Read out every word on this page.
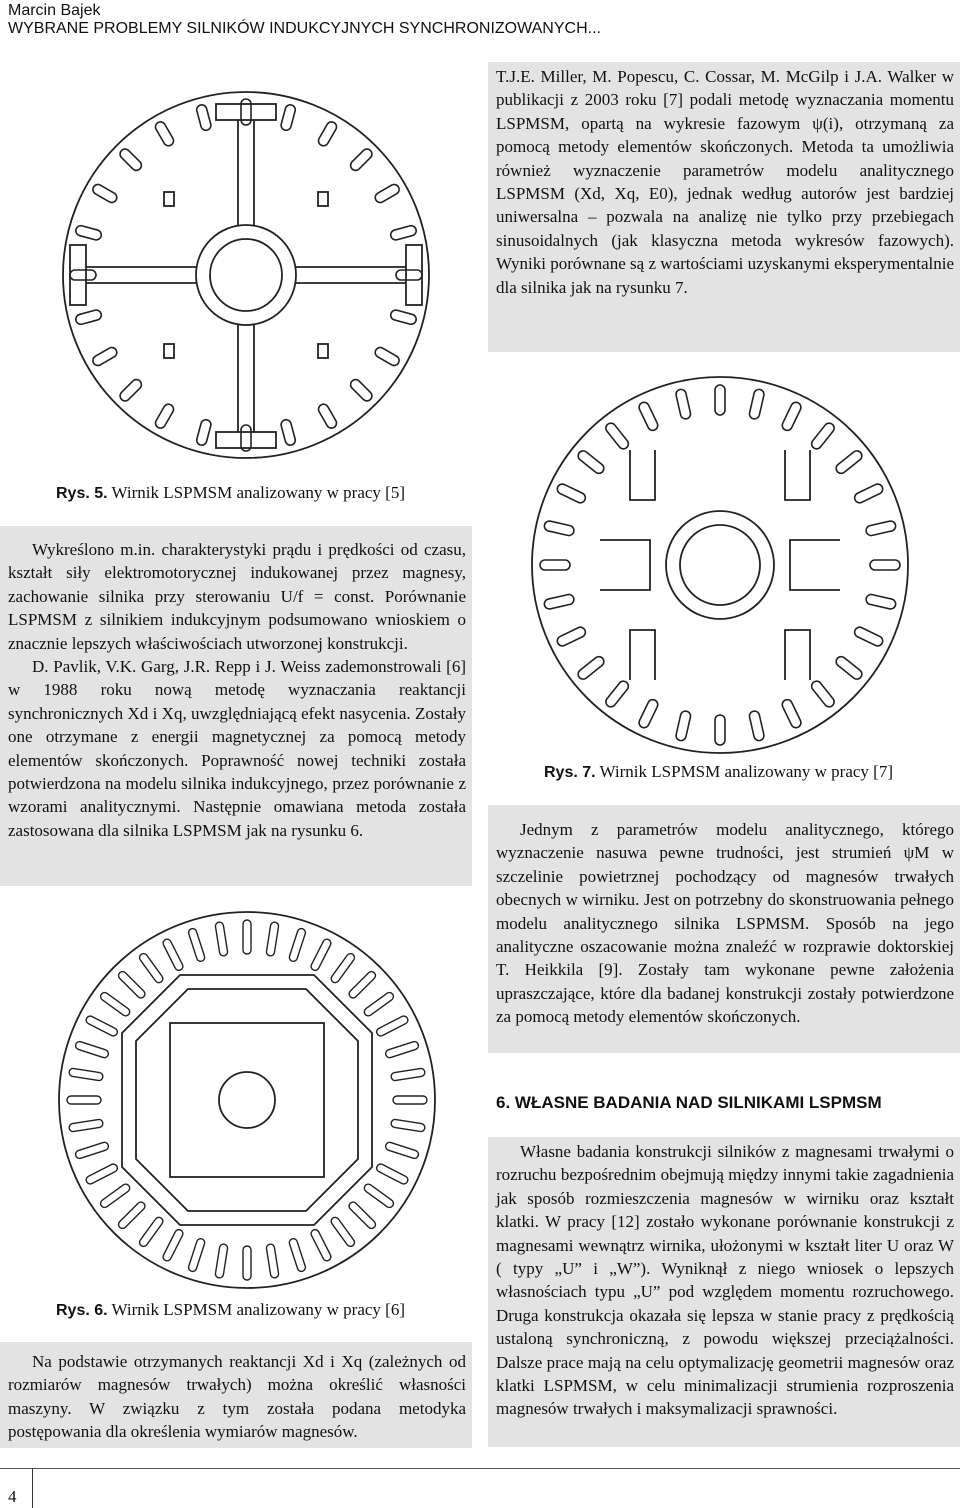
Marcin Bajek
WYBRANE PROBLEMY SILNIKÓW INDUKCYJNYCH SYNCHRONIZOWANYCH...
Rys. 5. Wirnik LSPMSM analizowany w pracy [5]

T.J.E. Miller, M. Popescu, C. Cossar, M. McGilp i J.A. Walker w publikacji z 2003 roku [7] podali metodę wyznaczania momentu LSPMSM, opartą na wykresie fazowym ψ(i), otrzymaną za pomocą metody elementów skończonych. Metoda ta umożliwia również wyznaczenie parametrów modelu analitycznego LSPMSM (Xd, Xq, E0), jednak według autorów jest bardziej uniwersalna – pozwala na analizę nie tylko przy przebiegach sinusoidalnych (jak klasyczna metoda wykresów fazowych). Wyniki porównane są z wartościami uzyskanymi eksperymentalnie dla silnika jak na rysunku 7.

Rys. 7. Wirnik LSPMSM analizowany w pracy [7]

Wykreślono m.in. charakterystyki prądu i prędkości od czasu, kształt siły elektromotorycznej indukowanej przez magnesy, zachowanie silnika przy sterowaniu U/f = const. Porównanie LSPMSM z silnikiem indukcyjnym podsumowano wnioskiem o znacznie lepszych właściwościach utworzonej konstrukcji.

D. Pavlik, V.K. Garg, J.R. Repp i J. Weiss zademonstrowali [6] w 1988 roku nową metodę wyznaczania reaktancji synchronicznych Xd i Xq, uwzględniającą efekt nasycenia. Zostały one otrzymane z energii magnetycznej za pomocą metody elementów skończonych. Poprawność nowej techniki została potwierdzona na modelu silnika indukcyjnego, przez porównanie z wzorami analitycznymi. Następnie omawiana metoda została zastosowana dla silnika LSPMSM jak na rysunku 6.	Jednym z parametrów modelu analitycznego, którego wyznaczenie nasuwa pewne trudności, jest strumień ψM w szczelinie powietrznej pochodzący od magnesów trwałych obecnych w wirniku. Jest on potrzebny do skonstruowania pełnego modelu analitycznego silnika LSPMSM. Sposób na jego analityczne oszacowanie można znaleźć w rozprawie doktorskiej T. Heikkila [9]. Zostały tam wykonane pewne założenia upraszczające, które dla badanej konstrukcji zostały potwierdzone za pomocą metody elementów skończonych.

Rys. 6. Wirnik LSPMSM analizowany w pracy [6]
6. WŁASNE BADANIA NAD SILNIKAMI LSPMSM

Własne badania konstrukcji silników z magnesami trwałymi o rozruchu bezpośrednim obejmują między innymi takie zagadnienia jak sposób rozmieszczenia magnesów w wirniku oraz kształt klatki. W pracy [12] zostało wykonane porównanie konstrukcji z magnesami wewnątrz wirnika, ułożonymi w kształt liter U oraz W ( typy „U” i „W”). Wyniknął z niego wniosek o lepszych własnościach typu „U” pod względem momentu rozruchowego. Druga konstrukcja okazała się lepsza w stanie pracy z prędkością ustaloną synchroniczną, z powodu większej przeciążalności. Dalsze prace mają na celu optymalizację geometrii magnesów oraz klatki LSPMSM, w celu minimalizacji strumienia rozproszenia magnesów trwałych i maksymalizacji sprawności.

Na podstawie otrzymanych reaktancji Xd i Xq (zależnych od rozmiarów magnesów trwałych) można określić własności maszyny. W związku z tym została podana metodyka postępowania dla określenia wymiarów magnesów.

4
